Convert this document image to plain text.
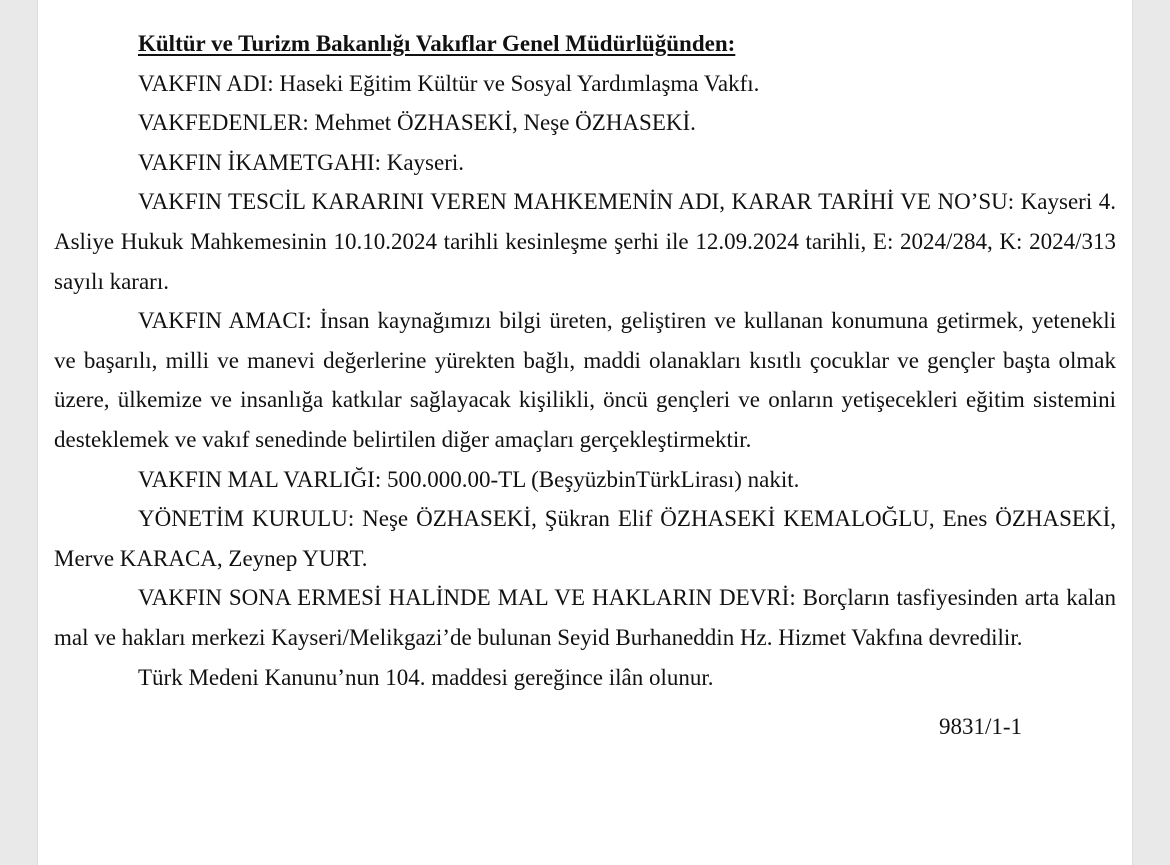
Kültür ve Turizm Bakanlığı Vakıflar Genel Müdürlüğünden:

VAKFIN ADI: Haseki Eğitim Kültür ve Sosyal Yardımlaşma Vakfı.

VAKFEDENLER: Mehmet ÖZHASEKİ, Neşe ÖZHASEKİ.

VAKFIN İKAMETGAHI: Kayseri.

VAKFIN TESCİL KARARINI VEREN MAHKEMENİN ADI, KARAR TARİHİ VE NO’SU: Kayseri 4. Asliye Hukuk Mahkemesinin 10.10.2024 tarihli kesinleşme şerhi ile 12.09.2024 tarihli, E: 2024/284, K: 2024/313 sayılı kararı.

VAKFIN AMACI: İnsan kaynağımızı bilgi üreten, geliştiren ve kullanan konumuna getirmek, yetenekli ve başarılı, milli ve manevi değerlerine yürekten bağlı, maddi olanakları kısıtlı çocuklar ve gençler başta olmak üzere, ülkemize ve insanlığa katkılar sağlayacak kişilikli, öncü gençleri ve onların yetişecekleri eğitim sistemini desteklemek ve vakıf senedinde belirtilen diğer amaçları gerçekleştirmektir.

VAKFIN MAL VARLIĞI: 500.000.00-TL (BeşyüzbinTürkLirası) nakit.

YÖNETİM KURULU: Neşe ÖZHASEKİ, Şükran Elif ÖZHASEKİ KEMALOĞLU, Enes ÖZHASEKİ, Merve KARACA, Zeynep YURT.

VAKFIN SONA ERMESİ HALİNDE MAL VE HAKLARIN DEVRİ: Borçların tasfiyesinden arta kalan mal ve hakları merkezi Kayseri/Melikgazi’de bulunan Seyid Burhaneddin Hz. Hizmet Vakfına devredilir.

Türk Medeni Kanunu’nun 104. maddesi gereğince ilân olunur.

9831/1-1
